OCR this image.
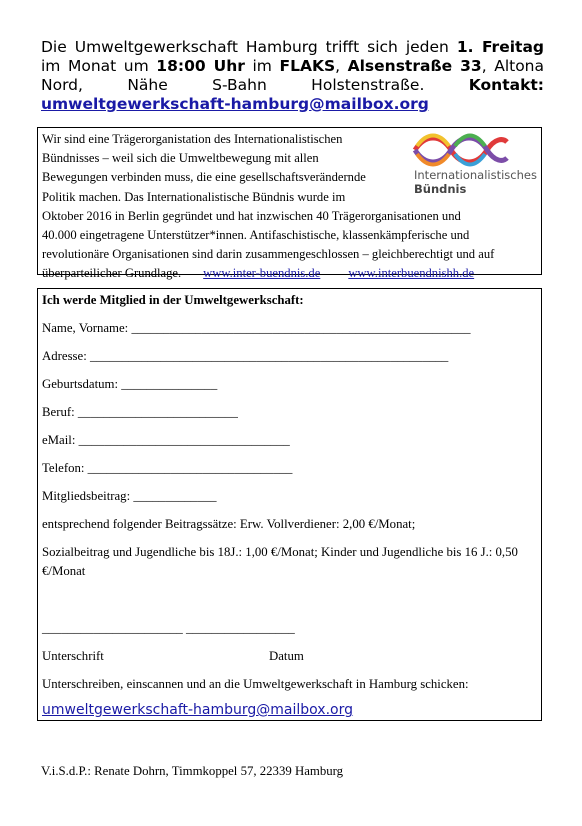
Die Umweltgewerkschaft Hamburg trifft sich jeden 1. Freitag im Monat um 18:00 Uhr im FLAKS, Alsenstraße 33, Altona Nord, Nähe S-Bahn Holstenstraße. Kontakt: umweltgewerkschaft-hamburg@mailbox.org
Wir sind eine Trägerorganistation des Internationalistischen
Bündnisses – weil sich die Umweltbewegung mit allen
Bewegungen verbinden muss, die eine gesellschaftsverändernde
Politik machen. Das Internationalistische Bündnis wurde im
Oktober 2016 in Berlin gegründet und hat inzwischen 40 Trägerorganisationen und
40.000 eingetragene Unterstützer*innen. Antifaschistische, klassenkämpferische und
revolutionäre Organisationen sind darin zusammengeschlossen – gleichberechtigt und auf
überparteilicher Grundlage. www.inter-buendnis.de www.interbuendnishh.de
Internationalistisches
Bündnis
Ich werde Mitglied in der Umweltgewerkschaft:
Name, Vorname: _____________________________________________________
Adresse: ________________________________________________________
Geburtsdatum: _______________
Beruf: _________________________
eMail: _________________________________
Telefon: ________________________________
Mitgliedsbeitrag: _____________
entsprechend folgender Beitragssätze: Erw. Vollverdiener: 2,00 €/Monat;
Sozialbeitrag und Jugendliche bis 18J.: 1,00 €/Monat; Kinder und Jugendliche bis 16 J.: 0,50 €/Monat
______________________ _________________
Unterschrift	Datum
Unterschreiben, einscannen und an die Umweltgewerkschaft in Hamburg schicken:
umweltgewerkschaft-hamburg@mailbox.org
V.i.S.d.P.: Renate Dohrn, Timmkoppel 57, 22339 Hamburg
